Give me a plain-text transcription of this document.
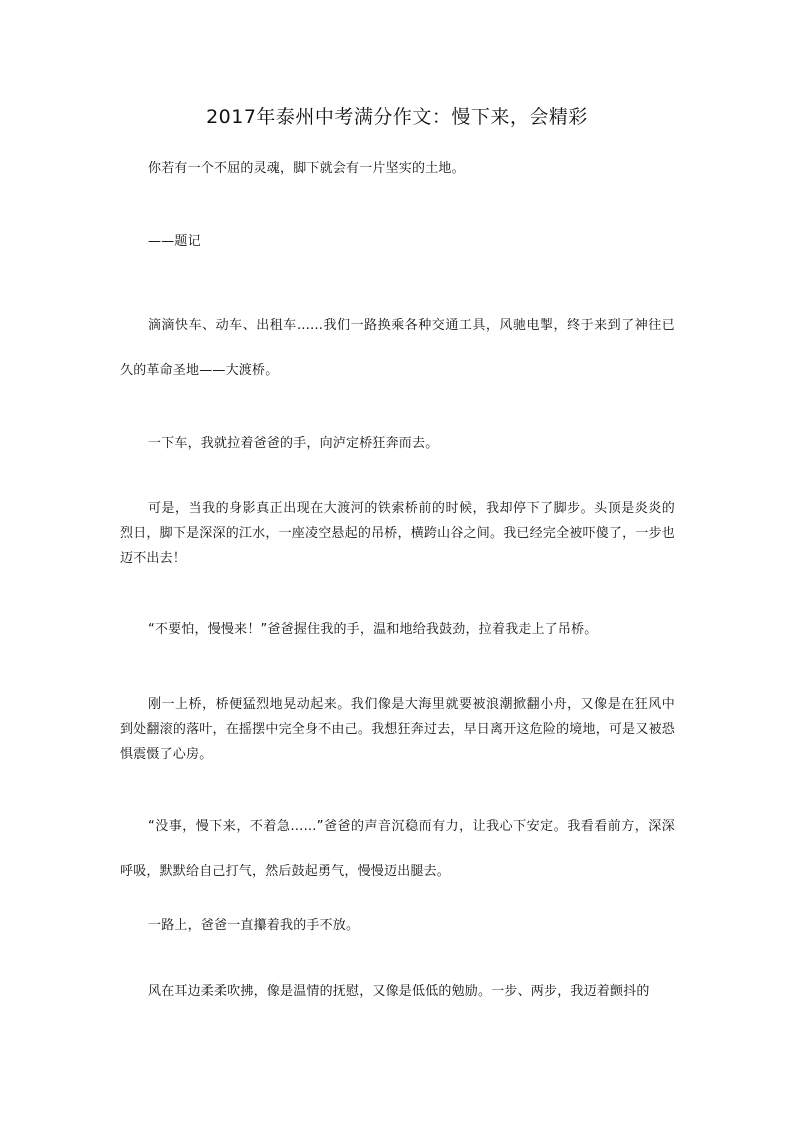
2017年泰州中考满分作文：慢下来，会精彩
你若有一个不屈的灵魂，脚下就会有一片坚实的土地。
——题记
滴滴快车、动车、出租车……我们一路换乘各种交通工具，风驰电掣，终于来到了神往已久的革命圣地——大渡桥。
一下车，我就拉着爸爸的手，向泸定桥狂奔而去。
可是，当我的身影真正出现在大渡河的铁索桥前的时候，我却停下了脚步。头顶是炎炎的烈日，脚下是深深的江水，一座凌空悬起的吊桥，横跨山谷之间。我已经完全被吓傻了，一步也迈不出去！
“不要怕，慢慢来！”爸爸握住我的手，温和地给我鼓劲，拉着我走上了吊桥。
刚一上桥，桥便猛烈地晃动起来。我们像是大海里就要被浪潮掀翻小舟，又像是在狂风中到处翻滚的落叶，在摇摆中完全身不由己。我想狂奔过去，早日离开这危险的境地，可是又被恐惧震慑了心房。
“没事，慢下来，不着急……”爸爸的声音沉稳而有力，让我心下安定。我看看前方，深深呼吸，默默给自己打气，然后鼓起勇气，慢慢迈出腿去。
一路上，爸爸一直攥着我的手不放。
风在耳边柔柔吹拂，像是温情的抚慰，又像是低低的勉励。一步、两步，我迈着颤抖的
